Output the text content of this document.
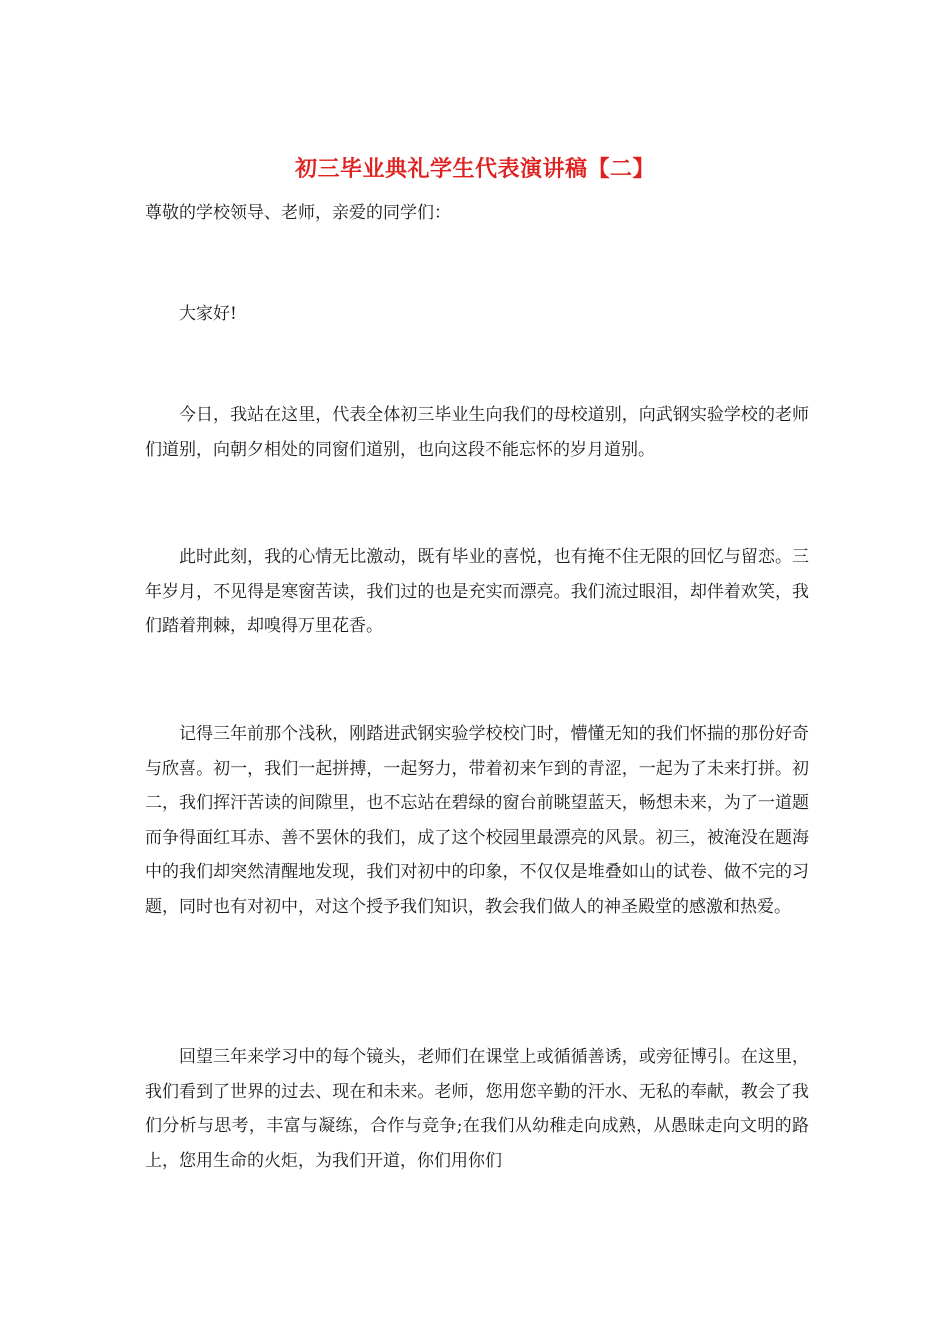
初三毕业典礼学生代表演讲稿【二】
尊敬的学校领导、老师，亲爱的同学们：

大家好!

今日，我站在这里，代表全体初三毕业生向我们的母校道别，向武钢实验学校的老师们道别，向朝夕相处的同窗们道别，也向这段不能忘怀的岁月道别。

此时此刻，我的心情无比激动，既有毕业的喜悦，也有掩不住无限的回忆与留恋。三年岁月，不见得是寒窗苦读，我们过的也是充实而漂亮。我们流过眼泪，却伴着欢笑，我们踏着荆棘，却嗅得万里花香。

记得三年前那个浅秋，刚踏进武钢实验学校校门时，懵懂无知的我们怀揣的那份好奇与欣喜。初一，我们一起拼搏，一起努力，带着初来乍到的青涩，一起为了未来打拼。初二，我们挥汗苦读的间隙里，也不忘站在碧绿的窗台前眺望蓝天，畅想未来，为了一道题而争得面红耳赤、善不罢休的我们，成了这个校园里最漂亮的风景。初三，被淹没在题海中的我们却突然清醒地发现，我们对初中的印象，不仅仅是堆叠如山的试卷、做不完的习题，同时也有对初中，对这个授予我们知识，教会我们做人的神圣殿堂的感激和热爱。

回望三年来学习中的每个镜头，老师们在课堂上或循循善诱，或旁征博引。在这里，我们看到了世界的过去、现在和未来。老师，您用您辛勤的汗水、无私的奉献，教会了我们分析与思考，丰富与凝练，合作与竞争;在我们从幼稚走向成熟，从愚昧走向文明的路上，您用生命的火炬，为我们开道，你们用你们
